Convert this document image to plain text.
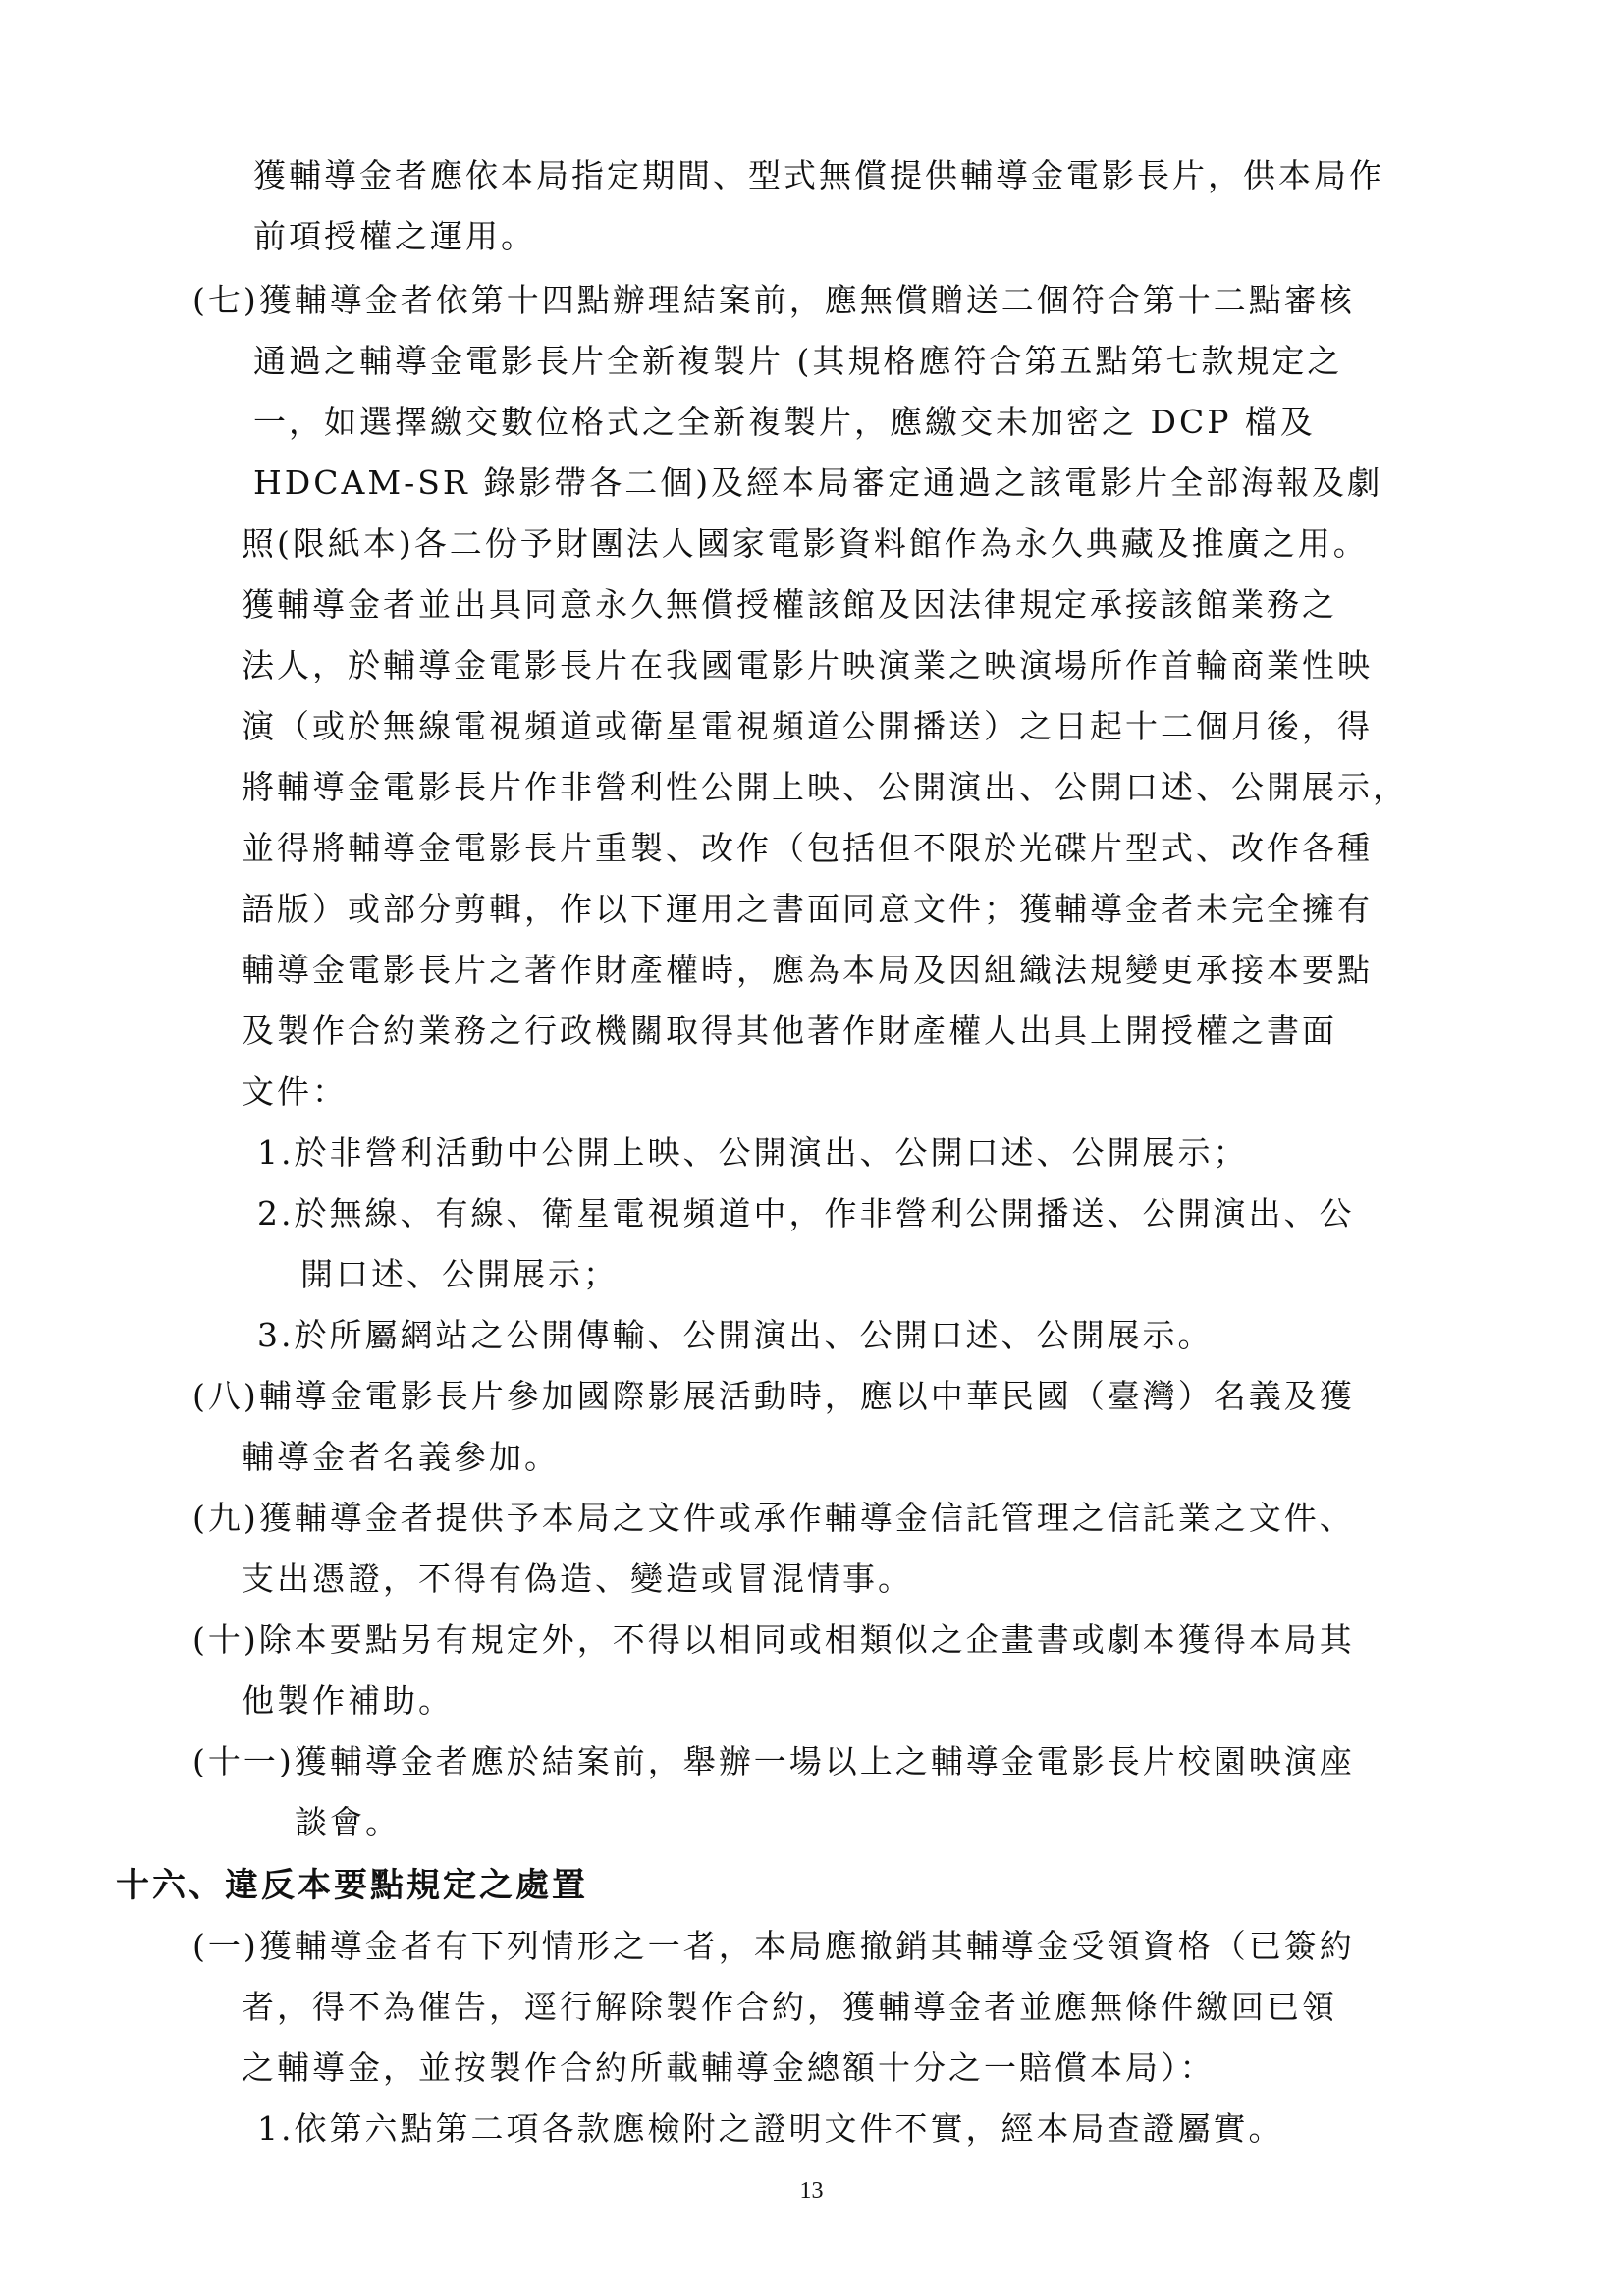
獲輔導金者應依本局指定期間、型式無償提供輔導金電影長片，供本局作
前項授權之運用。
(七)獲輔導金者依第十四點辦理結案前，應無償贈送二個符合第十二點審核
通過之輔導金電影長片全新複製片 (其規格應符合第五點第七款規定之
一，如選擇繳交數位格式之全新複製片，應繳交未加密之 DCP 檔及
HDCAM-SR 錄影帶各二個)及經本局審定通過之該電影片全部海報及劇
照(限紙本)各二份予財團法人國家電影資料館作為永久典藏及推廣之用。
獲輔導金者並出具同意永久無償授權該館及因法律規定承接該館業務之
法人，於輔導金電影長片在我國電影片映演業之映演場所作首輪商業性映
演（或於無線電視頻道或衛星電視頻道公開播送）之日起十二個月後，得
將輔導金電影長片作非營利性公開上映、公開演出、公開口述、公開展示，
並得將輔導金電影長片重製、改作（包括但不限於光碟片型式、改作各種
語版）或部分剪輯，作以下運用之書面同意文件；獲輔導金者未完全擁有
輔導金電影長片之著作財產權時，應為本局及因組織法規變更承接本要點
及製作合約業務之行政機關取得其他著作財產權人出具上開授權之書面
文件：
1.於非營利活動中公開上映、公開演出、公開口述、公開展示；
2.於無線、有線、衛星電視頻道中，作非營利公開播送、公開演出、公
開口述、公開展示；
3.於所屬網站之公開傳輸、公開演出、公開口述、公開展示。
(八)輔導金電影長片參加國際影展活動時，應以中華民國（臺灣）名義及獲
輔導金者名義參加。
(九)獲輔導金者提供予本局之文件或承作輔導金信託管理之信託業之文件、
支出憑證，不得有偽造、變造或冒混情事。
(十)除本要點另有規定外，不得以相同或相類似之企畫書或劇本獲得本局其
他製作補助。
(十一)獲輔導金者應於結案前，舉辦一場以上之輔導金電影長片校園映演座
談會。
十六、違反本要點規定之處置
(一)獲輔導金者有下列情形之一者，本局應撤銷其輔導金受領資格（已簽約
者，得不為催告，逕行解除製作合約，獲輔導金者並應無條件繳回已領
之輔導金，並按製作合約所載輔導金總額十分之一賠償本局）：
1.依第六點第二項各款應檢附之證明文件不實，經本局查證屬實。
13
